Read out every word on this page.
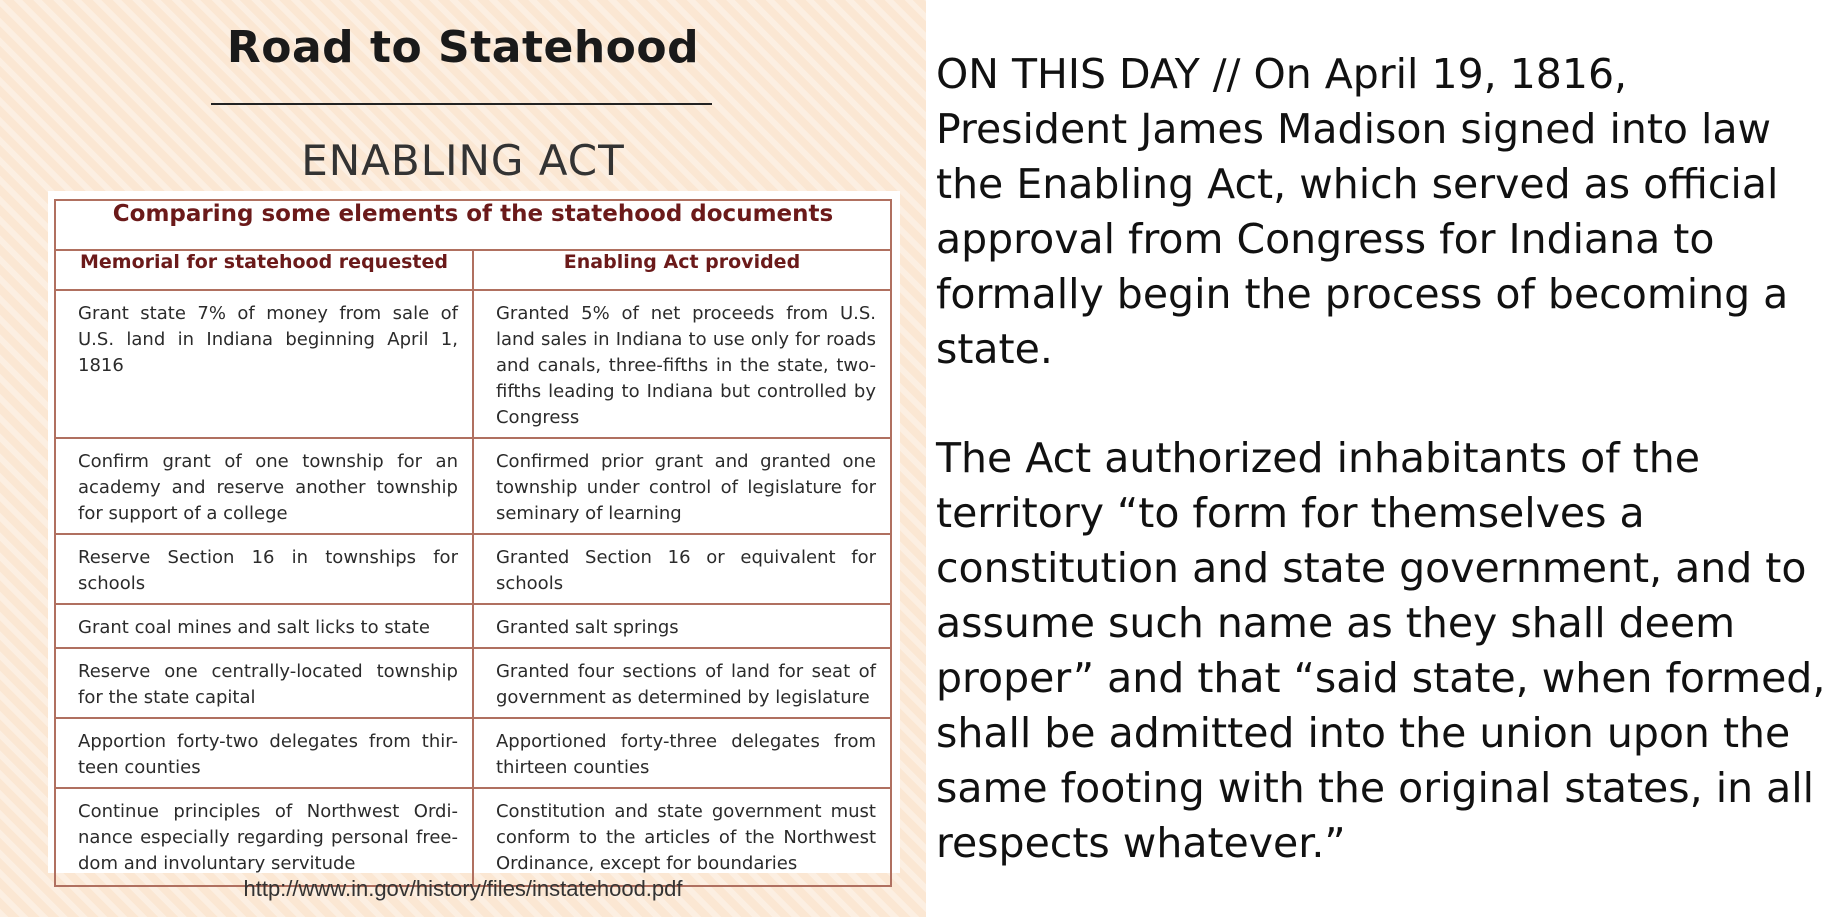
Road to Statehood
ENABLING ACT
Comparing some elements of the statehood documents	
Memorial for statehood requested	Enabling Act provided

Grant state 7% of money from sale of U.S. land in Indiana beginning April 1, 1816	Granted 5% of net proceeds from U.S. land sales in Indiana to use only for roads and canals, three-fifths in the state, two-fifths leading to Indiana but controlled by Congress

Confirm grant of one township for an academy and reserve another township for support of a college	Confirmed prior grant and granted one township under control of legislature for seminary of learning

Reserve Section 16 in townships for schools	Granted Section 16 or equivalent for schools

Grant coal mines and salt licks to state	Granted salt springs

Reserve one centrally-located township for the state capital	Granted four sections of land for seat of government as determined by legislature

Apportion forty-two delegates from thir-teen counties	Apportioned forty-three delegates from thirteen counties

Continue principles of Northwest Ordi-nance especially regarding personal free-dom and involuntary servitude	Constitution and state government must conform to the articles of the Northwest Ordinance, except for boundaries
http://www.in.gov/history/files/instatehood.pdf

ON THIS DAY // On April 19, 1816, President James Madison signed into law the Enabling Act, which served as official approval from Congress for Indiana to formally begin the process of becoming a state.

The Act authorized inhabitants of the territory “to form for themselves a constitution and state government, and to assume such name as they shall deem proper” and that “said state, when formed, shall be admitted into the union upon the same footing with the original states, in all respects whatever.”
